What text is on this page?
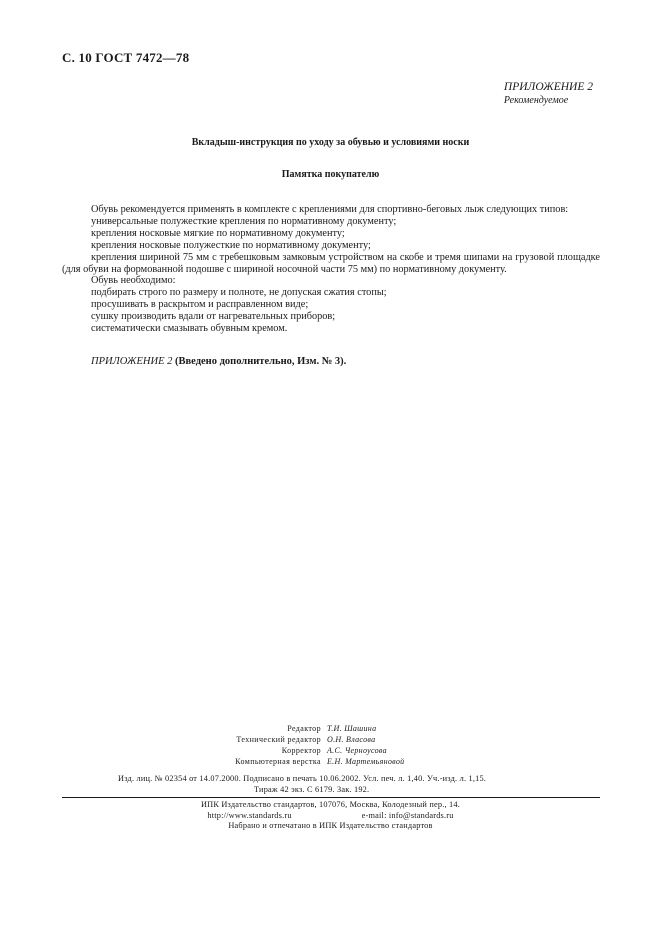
С. 10 ГОСТ 7472—78
ПРИЛОЖЕНИЕ 2
Рекомендуемое
Вкладыш-инструкция по уходу за обувью и условиями носки
Памятка покупателю

Обувь рекомендуется применять в комплекте с креплениями для спортивно-беговых лыж следующих типов:

универсальные полужесткие крепления по нормативному документу;

крепления носковые мягкие по нормативному документу;

крепления носковые полужесткие по нормативному документу;

крепления шириной 75 мм с требешковым замковым устройством на скобе и тремя шипами на грузовой площадке (для обуви на формованной подошве с шириной носочной части 75 мм) по нормативному документу.

Обувь необходимо:

подбирать строго по размеру и полноте, не допуская сжатия стопы;

просушивать в раскрытом и расправленном виде;

сушку производить вдали от нагревательных приборов;

систематически смазывать обувным кремом.

ПРИЛОЖЕНИЕ 2 (Введено дополнительно, Изм. № 3).
Редактор Т.И. Шашина
Технический редактор О.Н. Власова
Корректор А.С. Черноусова
Компьютерная верстка Е.Н. Мартемьяновой
Изд. лиц. № 02354 от 14.07.2000. Подписано в печать 10.06.2002. Усл. печ. л. 1,40. Уч.-изд. л. 1,15.
Тираж 42 экз. С 6179. Зак. 192.
ИПК Издательство стандартов, 107076, Москва, Колодезный пер., 14.
http://www.standards.ru	e-mail: info@standards.ru
Набрано и отпечатано в ИПК Издательство стандартов
